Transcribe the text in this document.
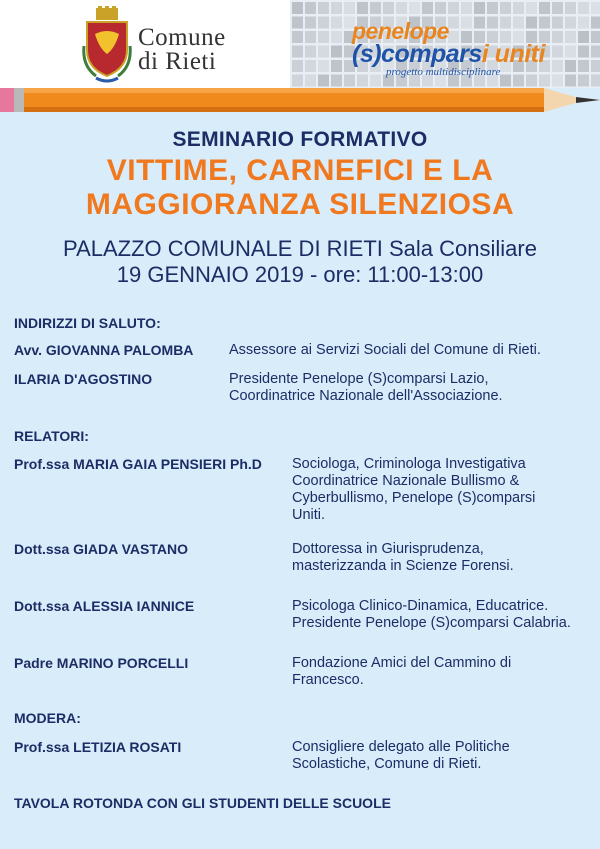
Comune
di Rieti
penelope
(s)comparsi uniti
progetto multidisciplinare
SEMINARIO FORMATIVO
VITTIME, CARNEFICI E LA
MAGGIORANZA SILENZIOSA
PALAZZO COMUNALE DI RIETI Sala Consiliare
19 GENNAIO 2019 - ore: 11:00-13:00
INDIRIZZI DI SALUTO:
Avv. GIOVANNA PALOMBA Assessore ai Servizi Sociali del Comune di Rieti.
ILARIA D'AGOSTINO	Presidente Penelope (S)comparsi Lazio,
Coordinatrice Nazionale dell'Associazione.
RELATORI:
Prof.ssa MARIA GAIA PENSIERI Ph.D Sociologa, Criminologa Investigativa
Coordinatrice Nazionale Bullismo &
Cyberbullismo, Penelope (S)comparsi
Uniti.
Dott.ssa GIADA VASTANO	Dottoressa in Giurisprudenza,
masterizzanda in Scienze Forensi.
Dott.ssa ALESSIA IANNICE	Psicologa Clinico-Dinamica, Educatrice.
Presidente Penelope (S)comparsi Calabria.
Padre MARINO PORCELLI	Fondazione Amici del Cammino di
Francesco.
MODERA:
Prof.ssa LETIZIA ROSATI	Consigliere delegato alle Politiche
Scolastiche, Comune di Rieti.
TAVOLA ROTONDA CON GLI STUDENTI DELLE SCUOLE
